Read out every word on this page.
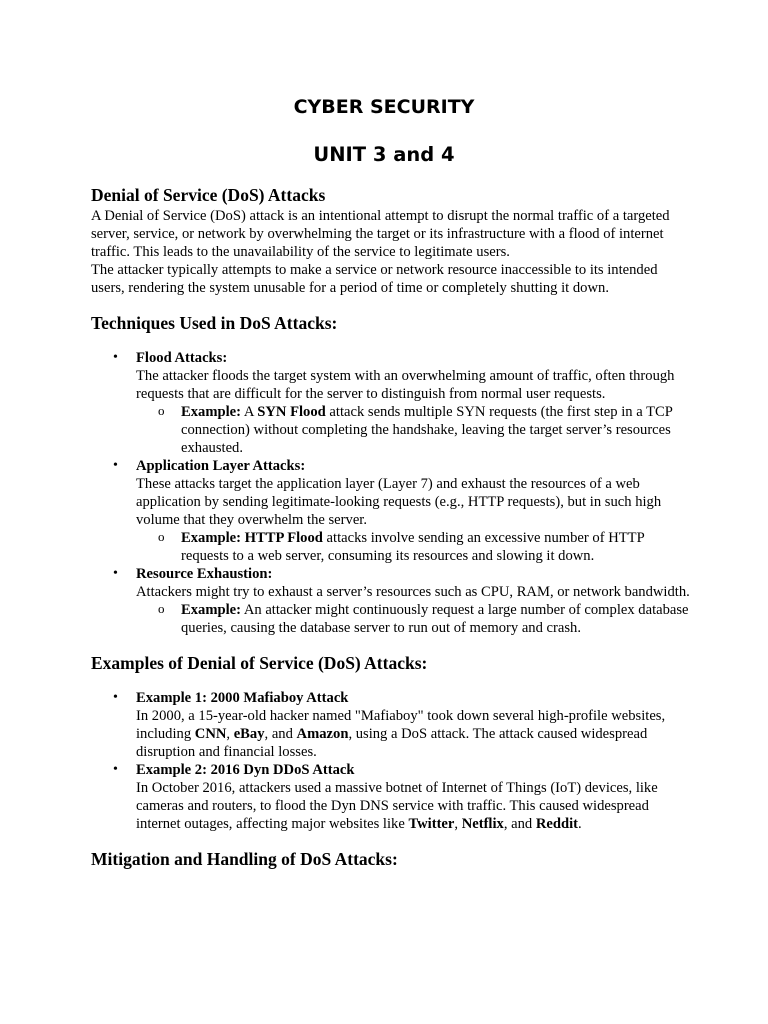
CYBER SECURITY
UNIT 3 and 4
Denial of Service (DoS) Attacks

A Denial of Service (DoS) attack is an intentional attempt to disrupt the normal traffic of a targeted server, service, or network by overwhelming the target or its infrastructure with a flood of internet traffic. This leads to the unavailability of the service to legitimate users.

The attacker typically attempts to make a service or network resource inaccessible to its intended users, rendering the system unusable for a period of time or completely shutting it down.

Techniques Used in DoS Attacks:
• Flood Attacks:
The attacker floods the target system with an overwhelming amount of traffic, often through requests that are difficult for the server to distinguish from normal user requests.
o Example: A SYN Flood attack sends multiple SYN requests (the first step in a TCP connection) without completing the handshake, leaving the target server’s resources exhausted.
• Application Layer Attacks:
These attacks target the application layer (Layer 7) and exhaust the resources of a web application by sending legitimate-looking requests (e.g., HTTP requests), but in such high volume that they overwhelm the server.
o Example: HTTP Flood attacks involve sending an excessive number of HTTP requests to a web server, consuming its resources and slowing it down.
• Resource Exhaustion:
Attackers might try to exhaust a server’s resources such as CPU, RAM, or network bandwidth.
o Example: An attacker might continuously request a large number of complex database queries, causing the database server to run out of memory and crash.
Examples of Denial of Service (DoS) Attacks:
• Example 1: 2000 Mafiaboy Attack
In 2000, a 15-year-old hacker named "Mafiaboy" took down several high-profile websites, including CNN, eBay, and Amazon, using a DoS attack. The attack caused widespread disruption and financial losses.
• Example 2: 2016 Dyn DDoS Attack
In October 2016, attackers used a massive botnet of Internet of Things (IoT) devices, like cameras and routers, to flood the Dyn DNS service with traffic. This caused widespread internet outages, affecting major websites like Twitter, Netflix, and Reddit.
Mitigation and Handling of DoS Attacks:
